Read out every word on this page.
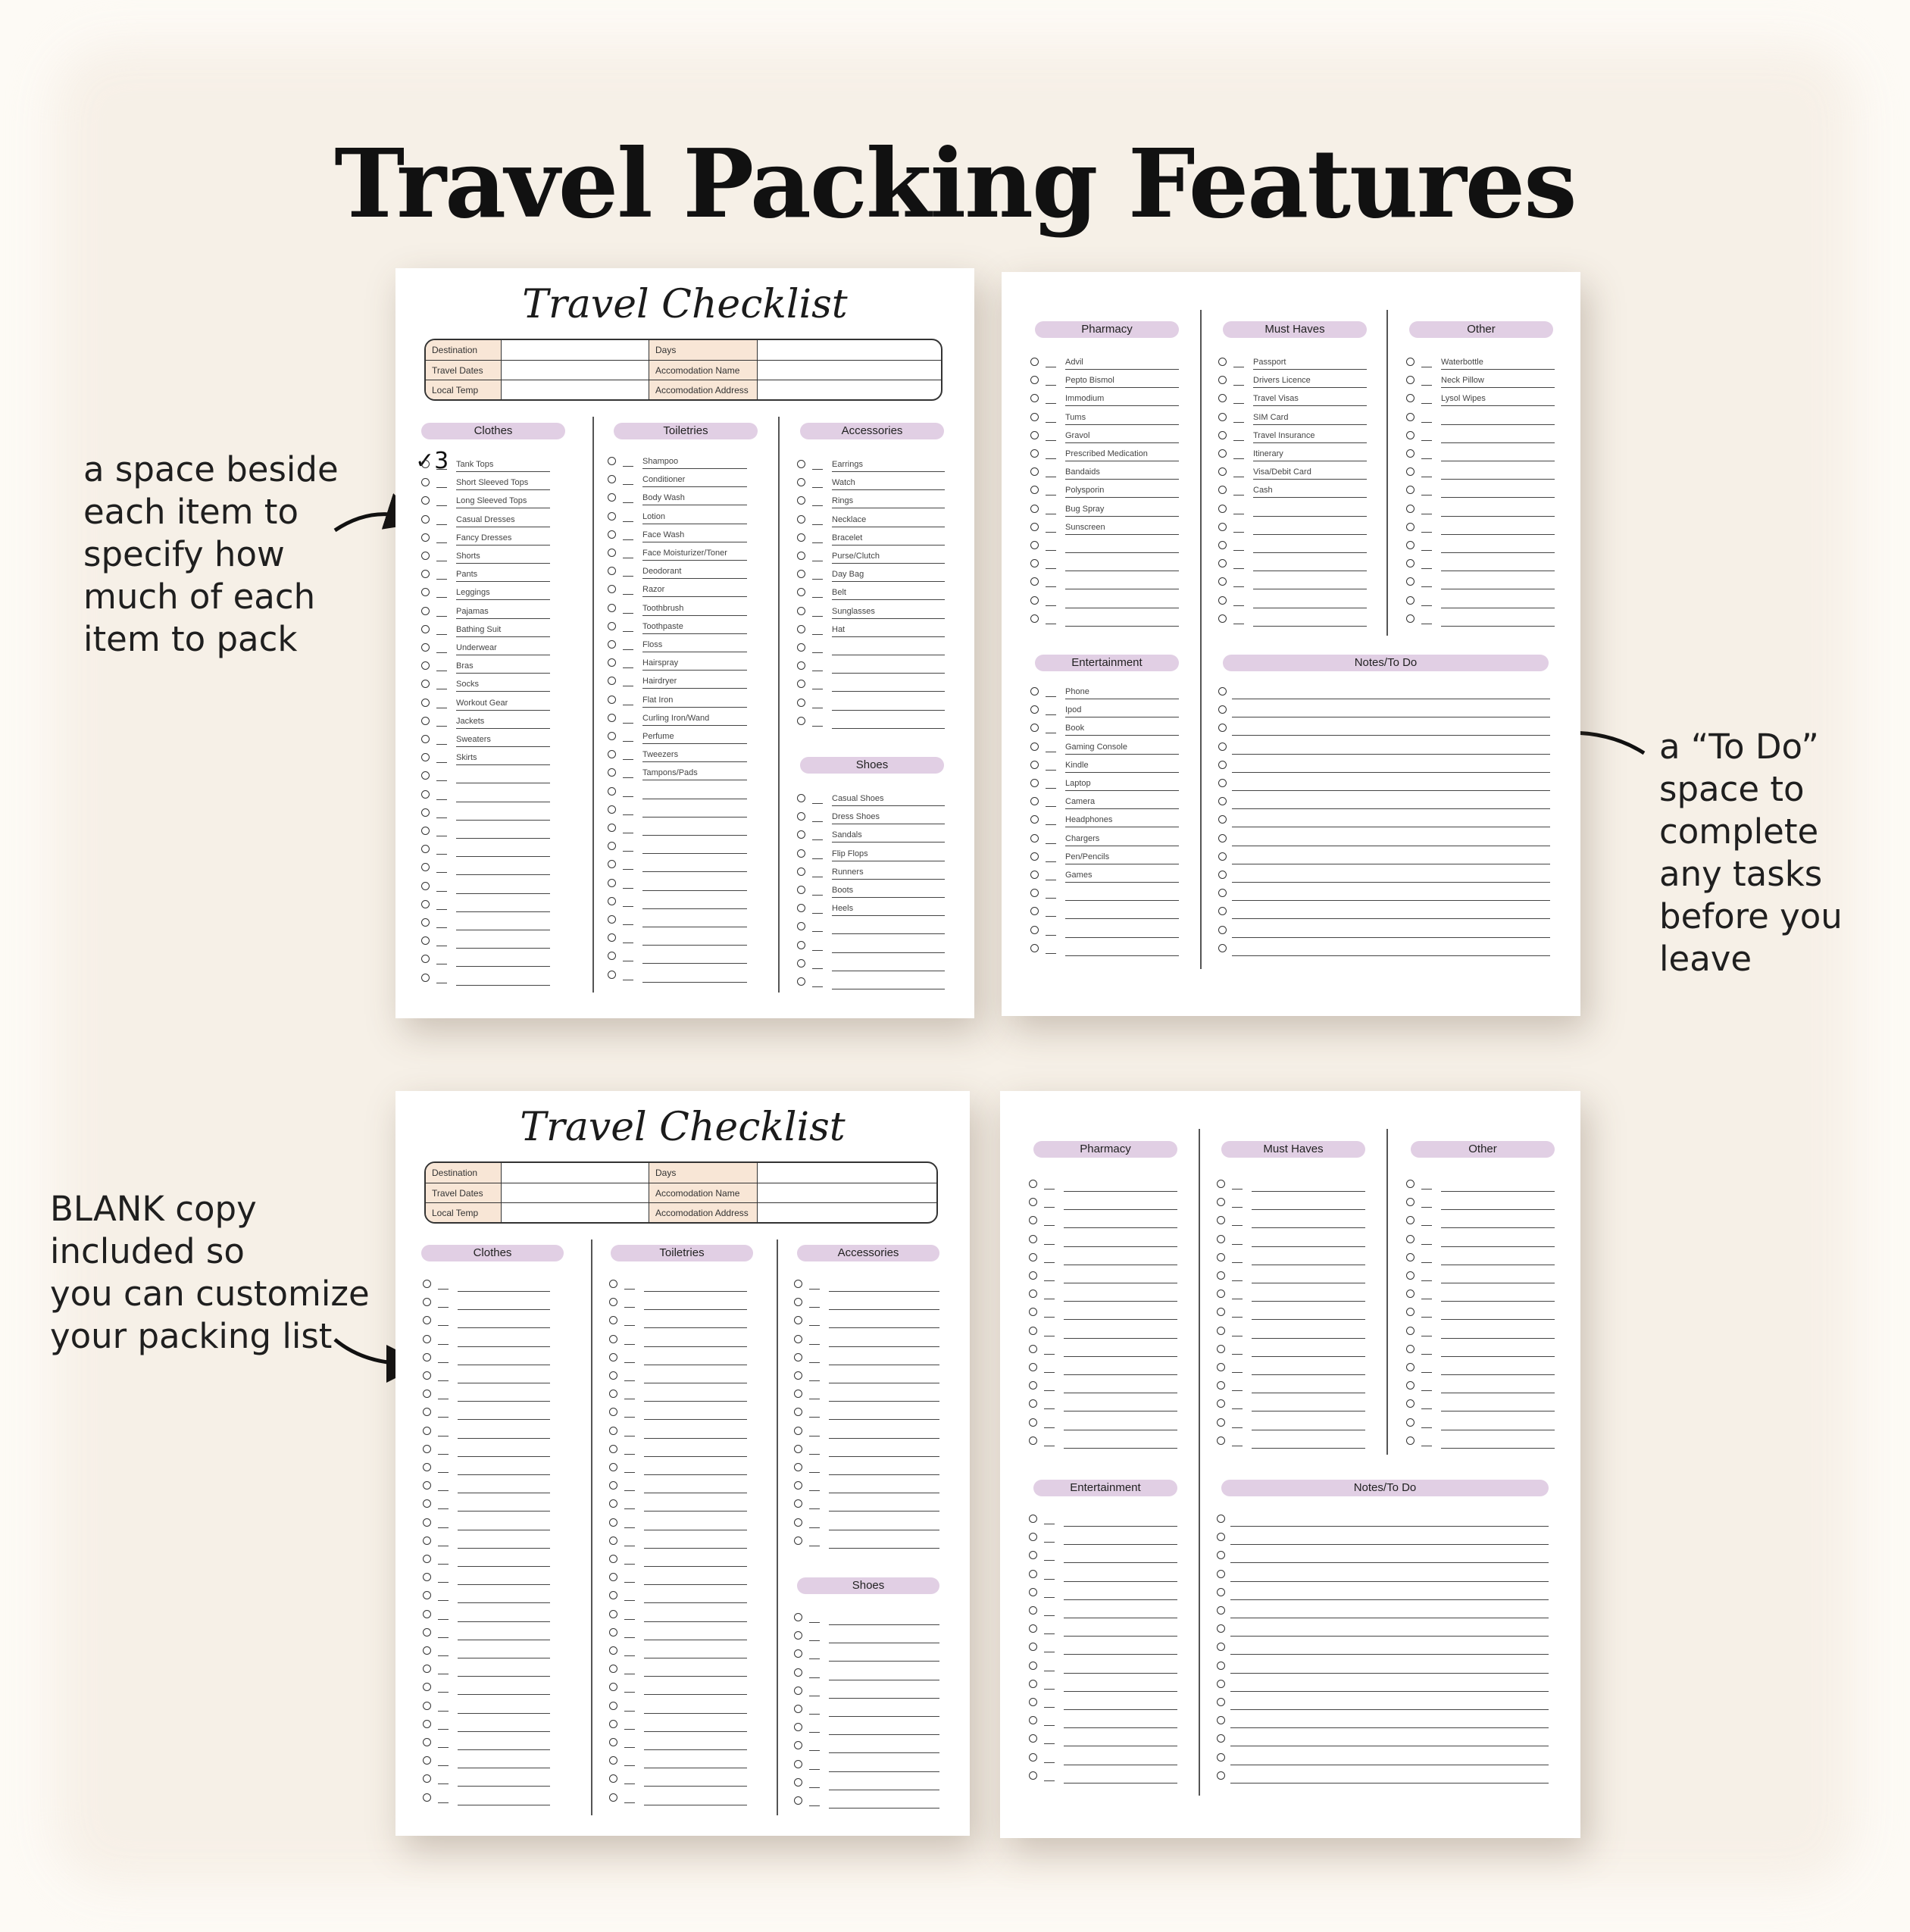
Travel Packing Features

a space beside
each item to
specify how
much of each
item to pack

a “To Do”
space to
complete
any tasks
before you
leave

BLANK copy
included so
you can customize
your packing list

Travel Checklist
Destination	Days
Travel Dates	Accomodation Name
Local Temp	Accomodation Address
Clothes	Toiletries	Accessories
Shoes
✓3 Tank Tops
Short Sleeved Tops
Long Sleeved Tops
Casual Dresses
Fancy Dresses
Shorts
Pants
Leggings
Pajamas
Bathing Suit
Underwear
Bras
Socks
Workout Gear
Jackets
Sweaters
Skirts
Shampoo
Conditioner
Body Wash
Lotion
Face Wash
Face Moisturizer/Toner
Deodorant
Razor
Toothbrush
Toothpaste
Floss
Hairspray
Hairdryer
Flat Iron
Curling Iron/Wand
Perfume
Tweezers
Tampons/Pads
Earrings
Watch
Rings
Necklace
Bracelet
Purse/Clutch
Day Bag
Belt
Sunglasses
Hat
Casual Shoes
Dress Shoes
Sandals
Flip Flops
Runners
Boots
Heels
Pharmacy	Must Haves	Other
Entertainment	Notes/To Do
Advil
Pepto Bismol
Immodium
Tums
Gravol
Prescribed Medication
Bandaids
Polysporin
Bug Spray
Sunscreen
Passport
Drivers Licence
Travel Visas
SIM Card
Travel Insurance
Itinerary
Visa/Debit Card
Cash
Waterbottle
Neck Pillow
Lysol Wipes
Phone
Ipod
Book
Gaming Console
Kindle
Laptop
Camera
Headphones
Chargers
Pen/Pencils
Games
Travel Checklist
Destination	Days
Travel Dates	Accomodation Name
Local Temp	Accomodation Address
Clothes	Toiletries	Accessories
Shoes
Pharmacy	Must Haves	Other
Entertainment	Notes/To Do
